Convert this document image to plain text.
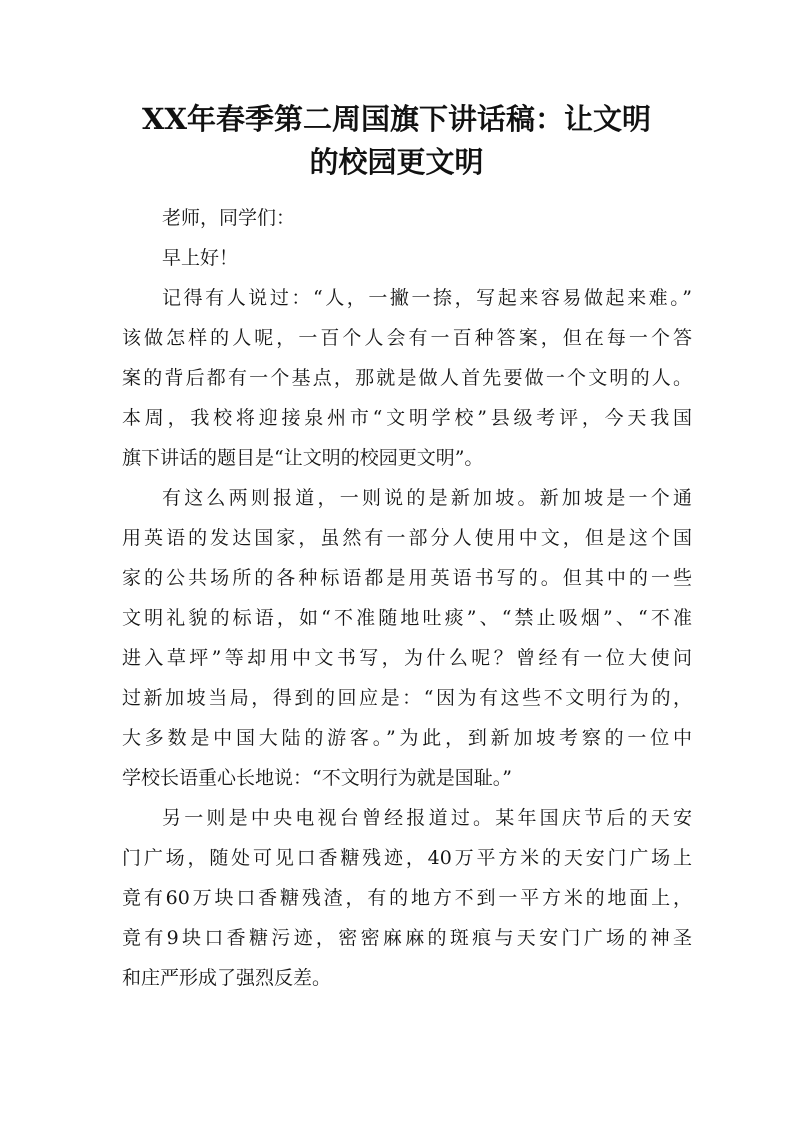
XX年春季第二周国旗下讲话稿：让文明
的校园更文明
老师，同学们：
早上好！
记得有人说过：“人，一撇一捺，写起来容易做起来难。”
该做怎样的人呢，一百个人会有一百种答案，但在每一个答
案的背后都有一个基点，那就是做人首先要做一个文明的人。
本周，我校将迎接泉州市“文明学校”县级考评，今天我国
旗下讲话的题目是“让文明的校园更文明”。
有这么两则报道，一则说的是新加坡。新加坡是一个通
用英语的发达国家，虽然有一部分人使用中文，但是这个国
家的公共场所的各种标语都是用英语书写的。但其中的一些
文明礼貌的标语，如“不准随地吐痰”、“禁止吸烟”、“不准
进入草坪”等却用中文书写，为什么呢？曾经有一位大使问
过新加坡当局，得到的回应是：“因为有这些不文明行为的，
大多数是中国大陆的游客。”为此，到新加坡考察的一位中
学校长语重心长地说：“不文明行为就是国耻。”
另一则是中央电视台曾经报道过。某年国庆节后的天安
门广场，随处可见口香糖残迹，40万平方米的天安门广场上
竟有60万块口香糖残渣，有的地方不到一平方米的地面上，
竟有9块口香糖污迹，密密麻麻的斑痕与天安门广场的神圣
和庄严形成了强烈反差。
